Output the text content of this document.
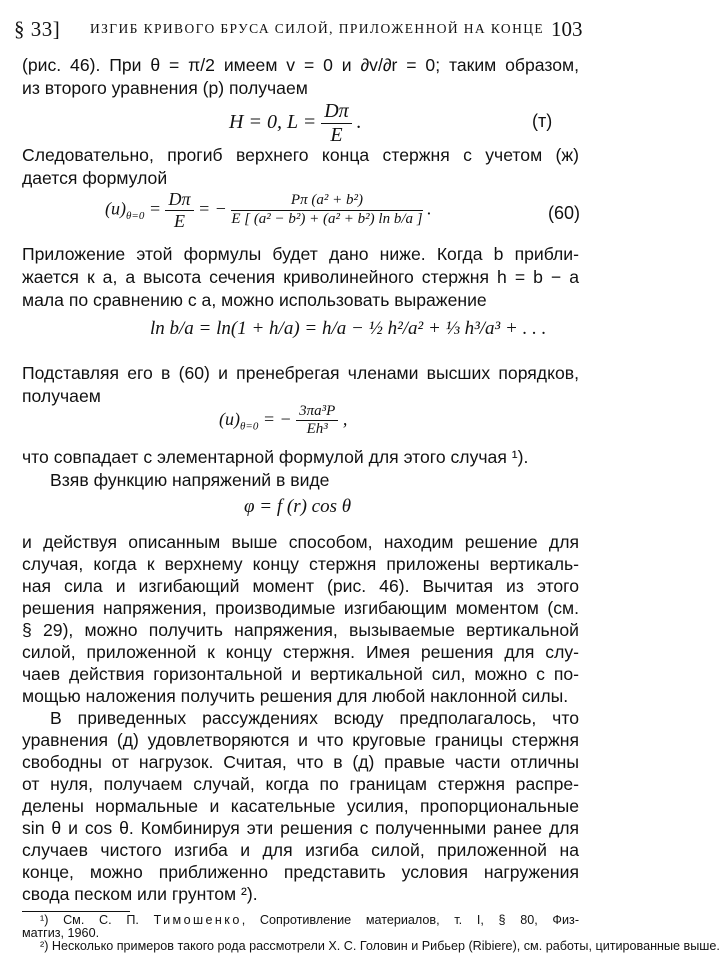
§ 33] ИЗГИБ КРИВОГО БРУСА СИЛОЙ, ПРИЛОЖЕННОЙ НА КОНЦЕ 103
(рис. 46). При θ = π/2 имеем v = 0 и ∂v/∂r = 0; таким образом,
из второго уравнения (р) получаем
H = 0, $L = \frac{D\pi}{E}$ .	(т)
Следовательно, прогиб верхнего конца стержня с учетом (ж)
дается формулой
$(u)_{\theta=0} = \frac{D\pi}{E}$ = − $\frac{\text{Pπ (a² + b²)}}{\text{E [ (a² − b²) + (a² + b²) ln b/a ]}}$ .	(60)
Приложение этой формулы будет дано ниже. Когда b прибли-
жается к a, а высота сечения криволинейного стержня h = b − a
мала по сравнению с a, можно использовать выражение
ln b/a = ln(1 + h/a) = h/a − ½ h²/a² + ⅓ h³/a³ + . . .
Подставляя его в (60) и пренебрегая членами высших порядков,
получаем
$(u)_{\theta=0}$ = − $\frac{\text{3πa³P}}{\text{Eh³}}$ ,
что совпадает с элементарной формулой для этого случая ¹).
Взяв функцию напряжений в виде
φ = f (r) cos θ
и действуя описанным выше способом, находим решение для
случая, когда к верхнему концу стержня приложены вертикаль-
ная сила и изгибающий момент (рис. 46). Вычитая из этого
решения напряжения, производимые изгибающим моментом (см.
§ 29), можно получить напряжения, вызываемые вертикальной
силой, приложенной к концу стержня. Имея решения для слу-
чаев действия горизонтальной и вертикальной сил, можно с по-
мощью наложения получить решения для любой наклонной силы.
В приведенных рассуждениях всюду предполагалось, что
уравнения (д) удовлетворяются и что круговые границы стержня
свободны от нагрузок. Считая, что в (д) правые части отличны
от нуля, получаем случай, когда по границам стержня распре-
делены нормальные и касательные усилия, пропорциональные
sin θ и cos θ. Комбинируя эти решения с полученными ранее для
случаев чистого изгиба и для изгиба силой, приложенной на
конце, можно приближенно представить условия нагружения
свода песком или грунтом ²).
¹) См. С. П. Тимошенко, Сопротивление материалов, т. I, § 80, Физ-
матгиз, 1960.
²) Несколько примеров такого рода рассмотрели Х. С. Головин и Рибьер (Ribiere), см. работы, цитированные выше.
